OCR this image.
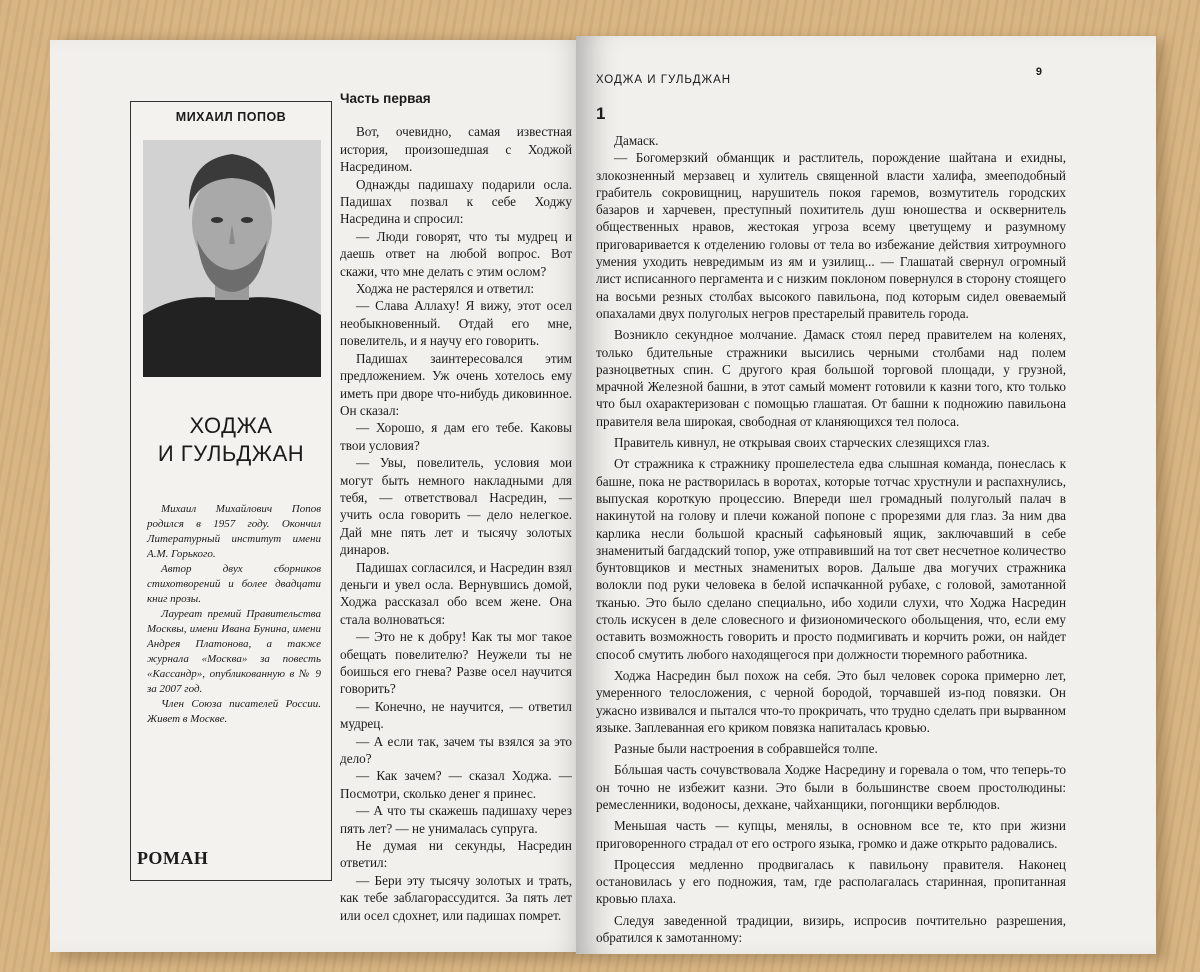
МИХАИЛ ПОПОВ
ХОДЖА
И ГУЛЬДЖАН

Михаил Михайлович Попов родился в 1957 году. Окончил Литературный институт имени А.М. Горького.

Автор двух сборников стихотворений и более двадцати книг прозы.

Лауреат премий Правительства Москвы, имени Ивана Бунина, имени Андрея Платонова, а также журнала «Москва» за повесть «Кассандр», опубликованную в № 9 за 2007 год.

Член Союза писателей России. Живет в Москве.

РОМАН

Часть первая

Вот, очевидно, самая известная история, произошедшая с Ходжой Насредином.

Однажды падишаху подарили осла. Падишах позвал к себе Ходжу Насредина и спросил:

— Люди говорят, что ты мудрец и даешь ответ на любой вопрос. Вот скажи, что мне делать с этим ослом?

Ходжа не растерялся и ответил:

— Слава Аллаху! Я вижу, этот осел необыкновенный. Отдай его мне, повелитель, и я научу его говорить.

Падишах заинтересовался этим предложением. Уж очень хотелось ему иметь при дворе что-нибудь диковинное. Он сказал:

— Хорошо, я дам его тебе. Каковы твои условия?

— Увы, повелитель, условия мои могут быть немного накладными для тебя, — ответствовал Насредин, — учить осла говорить — дело нелегкое. Дай мне пять лет и тысячу золотых динаров.

Падишах согласился, и Насредин взял деньги и увел осла. Вернувшись домой, Ходжа рассказал обо всем жене. Она стала волноваться:

— Это не к добру! Как ты мог такое обещать повелителю? Неужели ты не боишься его гнева? Разве осел научится говорить?

— Конечно, не научится, — ответил мудрец.

— А если так, зачем ты взялся за это дело?

— Как зачем? — сказал Ходжа. — Посмотри, сколько денег я принес.

— А что ты скажешь падишаху через пять лет? — не унималась супруга.

Не думая ни секунды, Насредин ответил:

— Бери эту тысячу золотых и трать, как тебе заблагорассудится. За пять лет или осел сдохнет, или падишах помрет.

ХОДЖА И ГУЛЬДЖАН
9
1

Дамаск.

— Богомерзкий обманщик и растлитель, порождение шайтана и ехидны, злокозненный мерзавец и хулитель священной власти халифа, змееподобный грабитель сокровищниц, нарушитель покоя гаремов, возмутитель городских базаров и харчевен, преступный похититель душ юношества и осквернитель общественных нравов, жестокая угроза всему цветущему и разумному приговаривается к отделению головы от тела во избежание действия хитроумного умения уходить невредимым из ям и узилищ... — Глашатай свернул огромный лист исписанного пергамента и с низким поклоном повернулся в сторону стоящего на восьми резных столбах высокого павильона, под которым сидел овеваемый опахалами двух полуголых негров престарелый правитель города.

Возникло секундное молчание. Дамаск стоял перед правителем на коленях, только бдительные стражники высились черными столбами над полем разноцветных спин. С другого края большой торговой площади, у грузной, мрачной Железной башни, в этот самый момент готовили к казни того, кто только что был охарактеризован с помощью глашатая. От башни к подножию павильона правителя вела широкая, свободная от кланяющихся тел полоса.

Правитель кивнул, не открывая своих старческих слезящихся глаз.

От стражника к стражнику прошелестела едва слышная команда, понеслась к башне, пока не растворилась в воротах, которые тотчас хрустнули и распахнулись, выпуская короткую процессию. Впереди шел громадный полуголый палач в накинутой на голову и плечи кожаной попоне с прорезями для глаз. За ним два карлика несли большой красный сафьяновый ящик, заключавший в себе знаменитый багдадский топор, уже отправивший на тот свет несчетное количество бунтовщиков и местных знаменитых воров. Дальше два могучих стражника волокли под руки человека в белой испачканной рубахе, с головой, замотанной тканью. Это было сделано специально, ибо ходили слухи, что Ходжа Насредин столь искусен в деле словесного и физиономического обольщения, что, если ему оставить возможность говорить и просто подмигивать и корчить рожи, он найдет способ смутить любого находящегося при должности тюремного работника.

Ходжа Насредин был похож на себя. Это был человек сорока примерно лет, умеренного телосложения, с черной бородой, торчавшей из-под повязки. Он ужасно извивался и пытался что-то прокричать, что трудно сделать при вырванном языке. Заплеванная его криком повязка напиталась кровью.

Разные были настроения в собравшейся толпе.

Бóльшая часть сочувствовала Ходже Насредину и горевала о том, что теперь-то он точно не избежит казни. Это были в большинстве своем простолюдины: ремесленники, водоносы, дехкане, чайханщики, погонщики верблюдов.

Меньшая часть — купцы, менялы, в основном все те, кто при жизни приговоренного страдал от его острого языка, громко и даже открыто радовались.

Процессия медленно продвигалась к павильону правителя. Наконец остановилась у его подножия, там, где располагалась старинная, пропитанная кровью плаха.

Следуя заведенной традиции, визирь, испросив почтительно разрешения, обратился к замотанному:
